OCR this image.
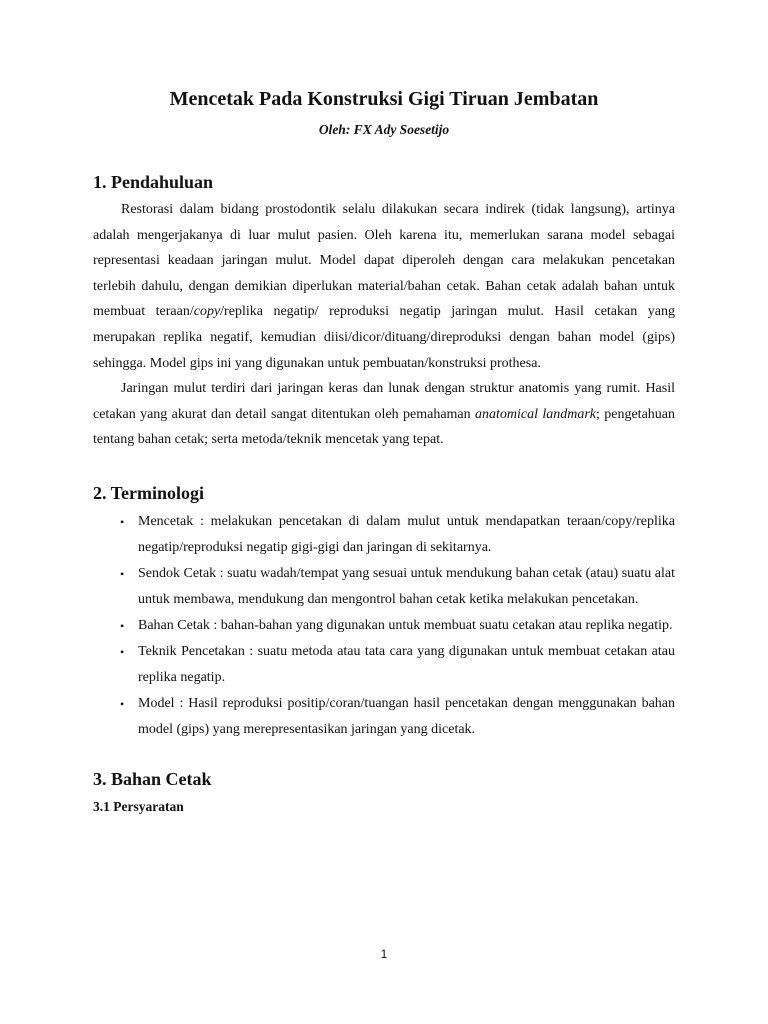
Mencetak Pada Konstruksi Gigi Tiruan Jembatan
Oleh: FX Ady Soesetijo
1. Pendahuluan

Restorasi dalam bidang prostodontik selalu dilakukan secara indirek (tidak langsung), artinya adalah mengerjakanya di luar mulut pasien. Oleh karena itu, memerlukan sarana model sebagai representasi keadaan jaringan mulut. Model dapat diperoleh dengan cara melakukan pencetakan terlebih dahulu, dengan demikian diperlukan material/bahan cetak. Bahan cetak adalah bahan untuk membuat teraan/copy/replika negatip/ reproduksi negatip jaringan mulut. Hasil cetakan yang merupakan replika negatif, kemudian diisi/dicor/dituang/direproduksi dengan bahan model (gips) sehingga. Model gips ini yang digunakan untuk pembuatan/konstruksi prothesa.

Jaringan mulut terdiri dari jaringan keras dan lunak dengan struktur anatomis yang rumit. Hasil cetakan yang akurat dan detail sangat ditentukan oleh pemahaman anatomical landmark; pengetahuan tentang bahan cetak; serta metoda/teknik mencetak yang tepat.

2. Terminologi
• Mencetak : melakukan pencetakan di dalam mulut untuk mendapatkan teraan/copy/replika negatip/reproduksi negatip gigi-gigi dan jaringan di sekitarnya.
• Sendok Cetak : suatu wadah/tempat yang sesuai untuk mendukung bahan cetak (atau) suatu alat untuk membawa, mendukung dan mengontrol bahan cetak ketika melakukan pencetakan.
• Bahan Cetak : bahan-bahan yang digunakan untuk membuat suatu cetakan atau replika negatip.
• Teknik Pencetakan : suatu metoda atau tata cara yang digunakan untuk membuat cetakan atau replika negatip.
• Model : Hasil reproduksi positip/coran/tuangan hasil pencetakan dengan menggunakan bahan model (gips) yang merepresentasikan jaringan yang dicetak.
3. Bahan Cetak
3.1 Persyaratan
1
